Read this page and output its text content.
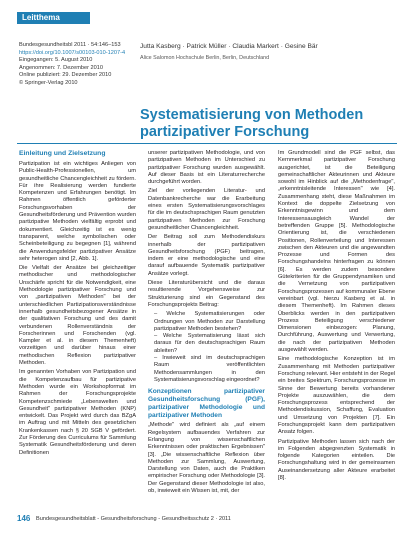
Leitthema
Bundesgesundheitsbl 2011 · 54:146–153
https://doi.org/10.1007/s00103-010-1207-4
Eingegangen: 5. August 2010
Angenommen: 7. Dezember 2010
Online publiziert: 29. Dezember 2010
© Springer-Verlag 2010
Jutta Kasberg · Patrick Müller · Claudia Markert · Gesine Bär
Alice Salomon Hochschule Berlin, Berlin, Deutschland
Systematisierung von Methoden partizipativer Forschung

Einleitung und Zielsetzung

Partizipation ist ein wichtiges Anliegen von Public-Health-Professionellen, um gesundheitliche Chancengleichheit zu fördern. Für ihre Realisierung werden fundierte Kompetenzen und Erfahrungen benötigt. Im Rahmen öffentlich geförderter Forschungsvorhaben der Gesundheitsförderung und Prävention wurden partizipative Methoden vielfältig erprobt und dokumentiert. Gleichzeitig ist es wenig transparent, welche symbolischen oder Scheinbeteiligung zu begegnen [1], während die Anwendungsfelder partizipativer Ansätze sehr heterogen sind [2, Abb. 1].

Die Vielfalt der Ansätze bei gleichzeitiger methodischer und methodologischer Unschärfe spricht für die Notwendigkeit, eine Methodologie partizipativer Forschung und von „partizipativen Methoden" bei der unterschiedlichen Partizipationsverständnisse innerhalb gesundheitsbezogener Ansätze in der qualitativen Forschung und des damit verbundenen Rollenverständnis der Forscherinnen und Forschenden (vgl. Kampler et al. in diesem Themenheft) vorzeitigen und darüber hinaus einer methodischen Reflexion partizipativer Methoden.

Im genannten Vorhaben von Partizipation und die Kompetenzaufbau für partizipative Methoden wurde ein Workshopformat im Rahmen der Forschungsprojekte Kompetenzschmiede „Lebenswelten und Gesundheit" partizipativer Methoden (KNP) entwickelt. Das Projekt wird durch das BZgA im Auftrag und mit Mitteln des gesetzlichen Krankenkassen nach § 20 SGB V gefördert. Zur Förderung des Curriculums für Sammlung Systematik Gesundheitsförderung und deren Definitionen

unserer partizipativen Methodologie, und von partizipativen Methoden im Unterschied zu partizipativer Forschung wurden ausgewählt. Auf dieser Basis ist ein Literaturrecherche durchgeführt worden.

Ziel der vorliegenden Literatur- und Datenbankrecherche war die Erarbeitung eines ersten Systematisierungsvorschlages für die im deutschsprachigen Raum genutzten partizipativen Methoden zur Forschung gesundheitlicher Chancengleichheit.

Der Beitrag soll zum Methodendiskurs innerhalb der partizipativen Gesundheitsforschung (PGF) beitragen, indem er eine methodologische und eine darauf aufbauende Systematik partizipativer Ansätze vorlegt.

Diese Literaturübersicht und die daraus resultierende Vorgehensweise zur Strukturierung sind ein Gegenstand des Forschungsprojekts Beitrag:

– Welche Systematisierungen oder Ordnungen von Methoden zur Darstellung partizipativer Methoden bestehen?
– Welche Systematisierung lässt sich daraus für den deutschsprachigen Raum ableiten?
– Inwieweit sind im deutschsprachigen Raum veröffentlichten Methodensammlungen in den Systematisierungsvorschlag eingeordnet?

Konzeptionen partizipativer Gesundheitsforschung (PGF), partizipativer Methodologie und partizipativer Methoden

„Methode" wird definiert als „auf einem Regelsystem aufbauendes Verfahren zur Erlangung von wissenschaftlichen Erkenntnissen oder praktischen Ergebnissen" [3]. „Die wissenschaftliche Reflexion über Methoden zur Sammlung, Auswertung, Darstellung von Daten, auch die Praktiken empirischer Forschung oder Methodologie [3]. Der Gegenstand dieser Methodologie ist also, ob, inwieweit ein Wissen ist, mit, der

Im Grundmodell sind die PGF selbst, das Kernmerkmal partizipativer Forschung ausgerichtet, ist die Beteiligung gemeinschaftlicher Akteurinnen und Akteure sowohl im Hinblick auf die „Methodenfrage", „erkenntnisleitende Interessen" wie [4]. Zusammenhang steht, diese Maßnahmen im Kontext die doppelte Zielsetzung von Erkenntnisgewinn und dem Interessensausgleich Wandel der betreffenden Gruppe [5]. Methodologische Orientierung ist, die verschiedenen Positionen, Rollenverteilung und Interessen zwischen den Akteuren und die angewandten Prozesse und Formen des Forschungshandelns hinterfragen zu können [6]. Es werden zudem besondere Gütekriterien für die Gruppendynamiken und die Vernetzung von partizipativen Forschungsprozessen auf kommunaler Ebene vereinbart (vgl. hierzu Kasberg et al. in diesem Themenheft). Im Rahmen dieses Überblicks werden in den partizipativen Prozess Beteiligung verschiedener Dimensionen einbezogen: Planung, Durchführung, Auswertung und Verwertung, die nach der partizipativen Methoden ausgewählt werden.

Eine methodologische Konzeption ist im Zusammenhang mit Methoden partizipativer Forschung relevant. Hier entsteht in der Regel ein breites Spektrum, Forschungsprozesse im Sinne der Bewertung bereits vorhandener Projekte auszuwählen, die dem Forschungsprozess entsprechend der Methodendiskussion, Schaffung, Evaluation und Umsetzung von Projekten [7]. Ein Forschungsprojekt kann dem partizipativen Ansatz folgen.

Partizipative Methoden lassen sich nach der im Folgenden abgegrenzten Systematik in folgende Kategorien einteilen. Die Forschungshaltung wird in der gemeinsamen Auseinandersetzung aller Akteure erarbeitet [8].

146 Bundesgesundheitsblatt - Gesundheitsforschung - Gesundheitsschutz 2 · 2011
